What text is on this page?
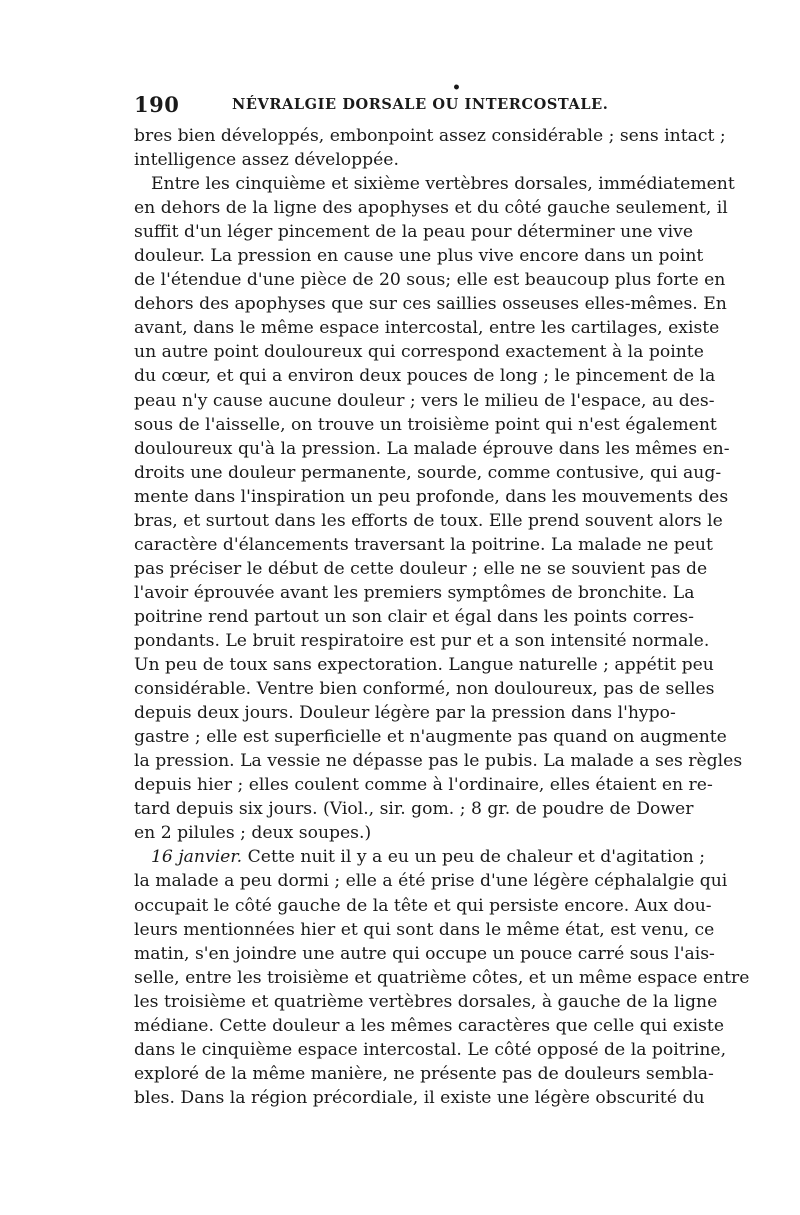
190	NÉVRALGIE DORSALE OU INTERCOSTALE.
•
bres bien développés, embonpoint assez considérable ; sens intact ;
intelligence assez développée.
Entre les cinquième et sixième vertèbres dorsales, immédiatement
en dehors de la ligne des apophyses et du côté gauche seulement, il
suffit d'un léger pincement de la peau pour déterminer une vive
douleur. La pression en cause une plus vive encore dans un point
de l'étendue d'une pièce de 20 sous; elle est beaucoup plus forte en
dehors des apophyses que sur ces saillies osseuses elles-mêmes. En
avant, dans le même espace intercostal, entre les cartilages, existe
un autre point douloureux qui correspond exactement à la pointe
du cœur, et qui a environ deux pouces de long ; le pincement de la
peau n'y cause aucune douleur ; vers le milieu de l'espace, au des-
sous de l'aisselle, on trouve un troisième point qui n'est également
douloureux qu'à la pression. La malade éprouve dans les mêmes en-
droits une douleur permanente, sourde, comme contusive, qui aug-
mente dans l'inspiration un peu profonde, dans les mouvements des
bras, et surtout dans les efforts de toux. Elle prend souvent alors le
caractère d'élancements traversant la poitrine. La malade ne peut
pas préciser le début de cette douleur ; elle ne se souvient pas de
l'avoir éprouvée avant les premiers symptômes de bronchite. La
poitrine rend partout un son clair et égal dans les points corres-
pondants. Le bruit respiratoire est pur et a son intensité normale.
Un peu de toux sans expectoration. Langue naturelle ; appétit peu
considérable. Ventre bien conformé, non douloureux, pas de selles
depuis deux jours. Douleur légère par la pression dans l'hypo-
gastre ; elle est superficielle et n'augmente pas quand on augmente
la pression. La vessie ne dépasse pas le pubis. La malade a ses règles
depuis hier ; elles coulent comme à l'ordinaire, elles étaient en re-
tard depuis six jours. (Viol., sir. gom. ; 8 gr. de poudre de Dower
en 2 pilules ; deux soupes.)
16 janvier. Cette nuit il y a eu un peu de chaleur et d'agitation ;
la malade a peu dormi ; elle a été prise d'une légère céphalalgie qui
occupait le côté gauche de la tête et qui persiste encore. Aux dou-
leurs mentionnées hier et qui sont dans le même état, est venu, ce
matin, s'en joindre une autre qui occupe un pouce carré sous l'ais-
selle, entre les troisième et quatrième côtes, et un même espace entre
les troisième et quatrième vertèbres dorsales, à gauche de la ligne
médiane. Cette douleur a les mêmes caractères que celle qui existe
dans le cinquième espace intercostal. Le côté opposé de la poitrine,
exploré de la même manière, ne présente pas de douleurs sembla-
bles. Dans la région précordiale, il existe une légère obscurité du
